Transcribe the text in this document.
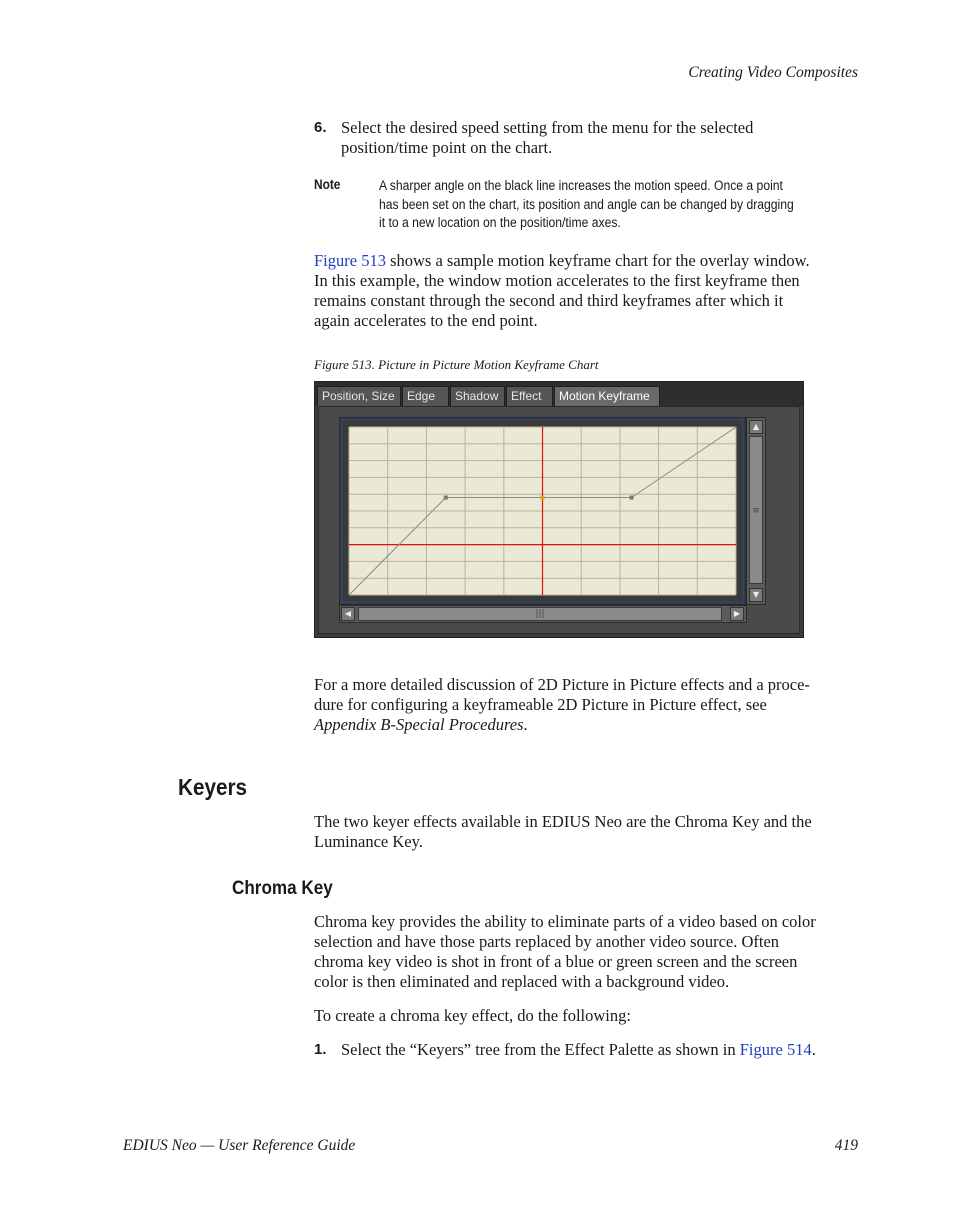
Creating Video Composites
6. Select the desired speed setting from the menu for the selected
position/time point on the chart.
Note	A sharper angle on the black line increases the motion speed. Once a point
has been set on the chart, its position and angle can be changed by dragging
it to a new location on the position/time axes.
Figure 513 shows a sample motion keyframe chart for the overlay window.
In this example, the window motion accelerates to the first keyframe then
remains constant through the second and third keyframes after which it
again accelerates to the end point.
Figure 513. Picture in Picture Motion Keyframe Chart
Position, Size	Edge	Shadow	Effect	Motion Keyframe
▲
≡
▼
◀	|||	▶
For a more detailed discussion of 2D Picture in Picture effects and a proce-
dure for configuring a keyframeable 2D Picture in Picture effect, see
Appendix B-Special Procedures.
Keyers
The two keyer effects available in EDIUS Neo are the Chroma Key and the
Luminance Key.
Chroma Key
Chroma key provides the ability to eliminate parts of a video based on color
selection and have those parts replaced by another video source. Often
chroma key video is shot in front of a blue or green screen and the screen
color is then eliminated and replaced with a background video.
To create a chroma key effect, do the following:
1. Select the “Keyers” tree from the Effect Palette as shown in Figure 514.
EDIUS Neo — User Reference Guide	419
